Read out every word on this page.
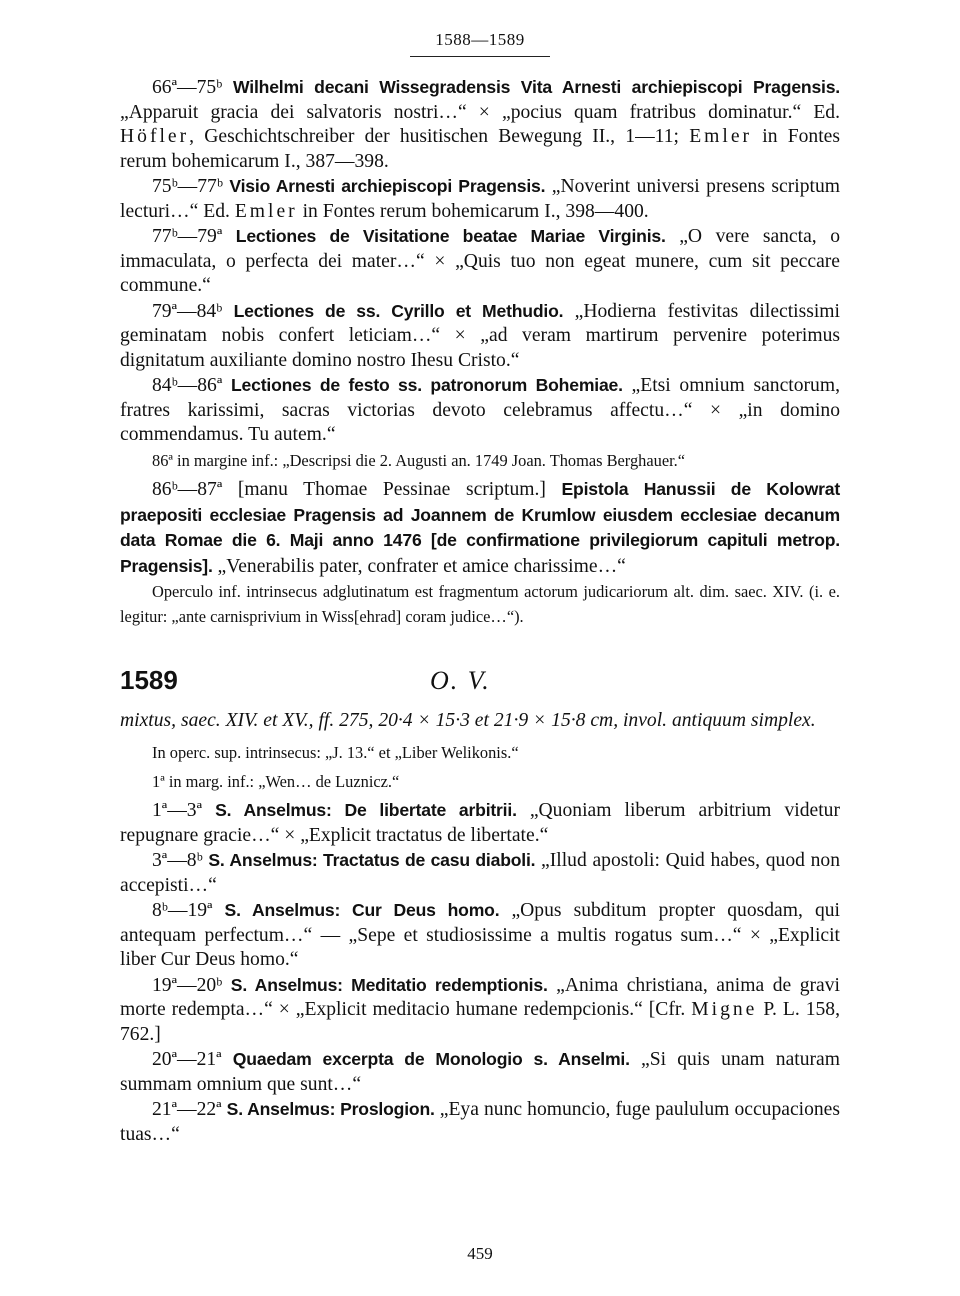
1588—1589

66ª—75ᵇ Wilhelmi decani Wissegradensis Vita Arnesti archiepiscopi Pragensis. „Apparuit gracia dei salvatoris nostri…“ × „pocius quam fratribus dominatur.“ Ed. Höfler, Geschichtschreiber der husitischen Bewegung II., 1—11; Emler in Fontes rerum bohemicarum I., 387—398.

75ᵇ—77ᵇ Visio Arnesti archiepiscopi Pragensis. „Noverint universi presens scriptum lecturi…“ Ed. Emler in Fontes rerum bohemicarum I., 398—400.

77ᵇ—79ª Lectiones de Visitatione beatae Mariae Virginis. „O vere sancta, o immaculata, o perfecta dei mater…“ × „Quis tuo non egeat munere, cum sit peccare commune.“

79ª—84ᵇ Lectiones de ss. Cyrillo et Methudio. „Hodierna festivitas dilectissimi geminatam nobis confert leticiam…“ × „ad veram martirum pervenire poterimus dignitatum auxiliante domino nostro Ihesu Cristo.“

84ᵇ—86ª Lectiones de festo ss. patronorum Bohemiae. „Etsi omnium sanctorum, fratres karissimi, sacras victorias devoto celebramus affectu…“ × „in domino commendamus. Tu autem.“

86ª in margine inf.: „Descripsi die 2. Augusti an. 1749 Joan. Thomas Berghauer.“

86ᵇ—87ª [manu Thomae Pessinae scriptum.] Epistola Hanussii de Kolowrat praepositi ecclesiae Pragensis ad Joannem de Krumlow eiusdem ecclesiae decanum data Romae die 6. Maji anno 1476 [de confirmatione privilegiorum capituli metrop. Pragensis]. „Venerabilis pater, confrater et amice charissime…“

Operculo inf. intrinsecus adglutinatum est fragmentum actorum judicariorum alt. dim. saec. XIV. (i. e. legitur: „ante carnisprivium in Wiss[ehrad] coram judice…“).

1589	O. V.

mixtus, saec. XIV. et XV., ff. 275, 20·4 × 15·3 et 21·9 × 15·8 cm, invol. antiquum simplex.

In operc. sup. intrinsecus: „J. 13.“ et „Liber Welikonis.“

1ª in marg. inf.: „Wen… de Luznicz.“

1ª—3ª S. Anselmus: De libertate arbitrii. „Quoniam liberum arbitrium videtur repugnare gracie…“ × „Explicit tractatus de libertate.“

3ª—8ᵇ S. Anselmus: Tractatus de casu diaboli. „Illud apostoli: Quid habes, quod non accepisti…“

8ᵇ—19ª S. Anselmus: Cur Deus homo. „Opus subditum propter quosdam, qui antequam perfectum…“ — „Sepe et studiosissime a multis rogatus sum…“ × „Explicit liber Cur Deus homo.“

19ª—20ᵇ S. Anselmus: Meditatio redemptionis. „Anima christiana, anima de gravi morte redempta…“ × „Explicit meditacio humane redempcionis.“ [Cfr. Migne P. L. 158, 762.]

20ª—21ª Quaedam excerpta de Monologio s. Anselmi. „Si quis unam naturam summam omnium que sunt…“

21ª—22ª S. Anselmus: Proslogion. „Eya nunc homuncio, fuge paululum occupaciones tuas…“

459
